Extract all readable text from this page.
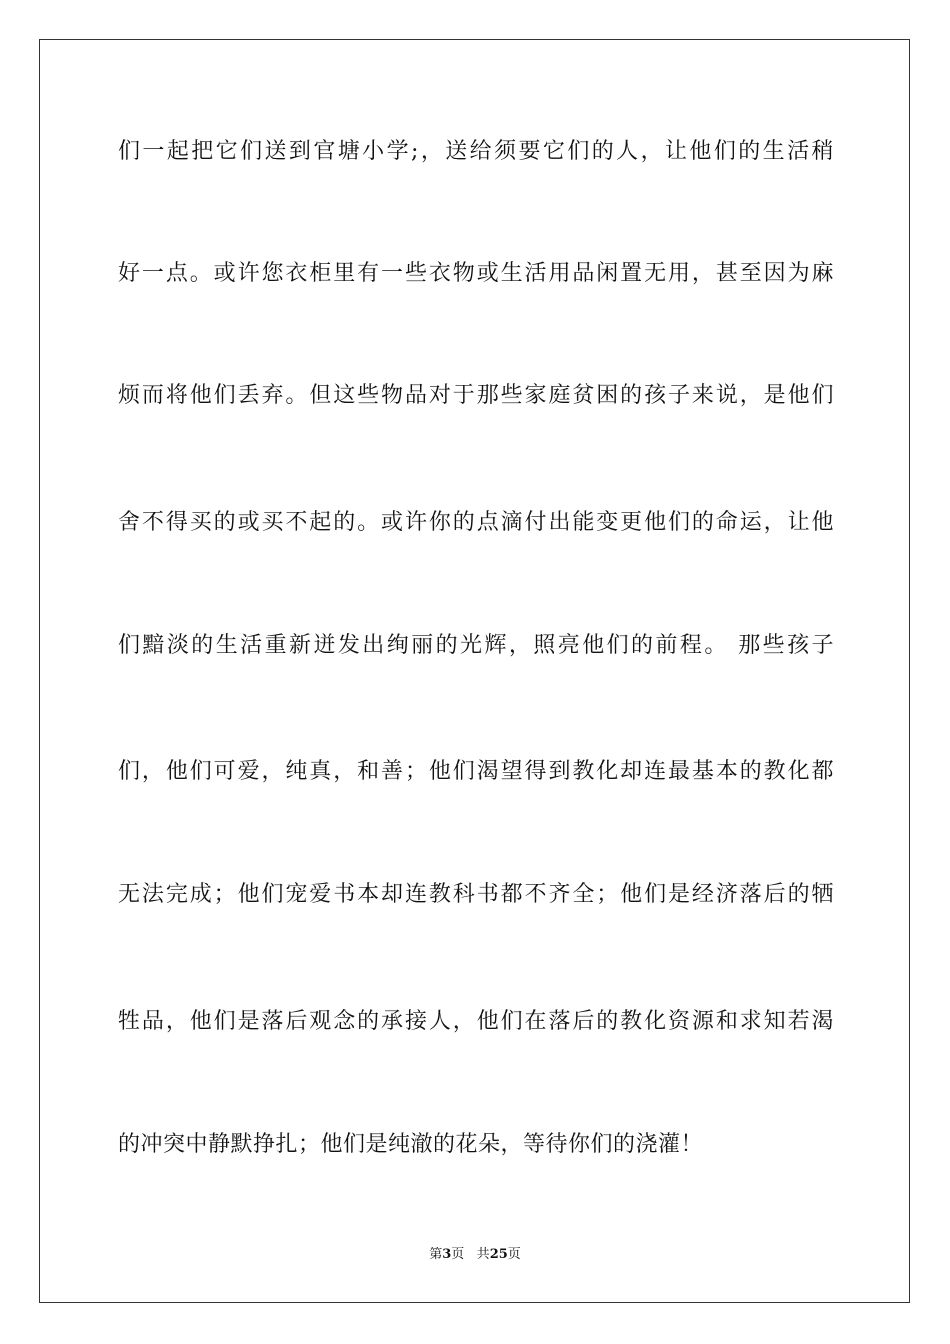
们一起把它们送到官塘小学;，送给须要它们的人，让他们的生活稍
好一点。或许您衣柜里有一些衣物或生活用品闲置无用，甚至因为麻
烦而将他们丢弃。但这些物品对于那些家庭贫困的孩子来说，是他们
舍不得买的或买不起的。或许你的点滴付出能变更他们的命运，让他
们黯淡的生活重新迸发出绚丽的光辉，照亮他们的前程。 那些孩子
们，他们可爱，纯真，和善；他们渴望得到教化却连最基本的教化都
无法完成；他们宠爱书本却连教科书都不齐全；他们是经济落后的牺
牲品，他们是落后观念的承接人，他们在落后的教化资源和求知若渴
的冲突中静默挣扎；他们是纯澈的花朵，等待你们的浇灌！
第3页 共25页
